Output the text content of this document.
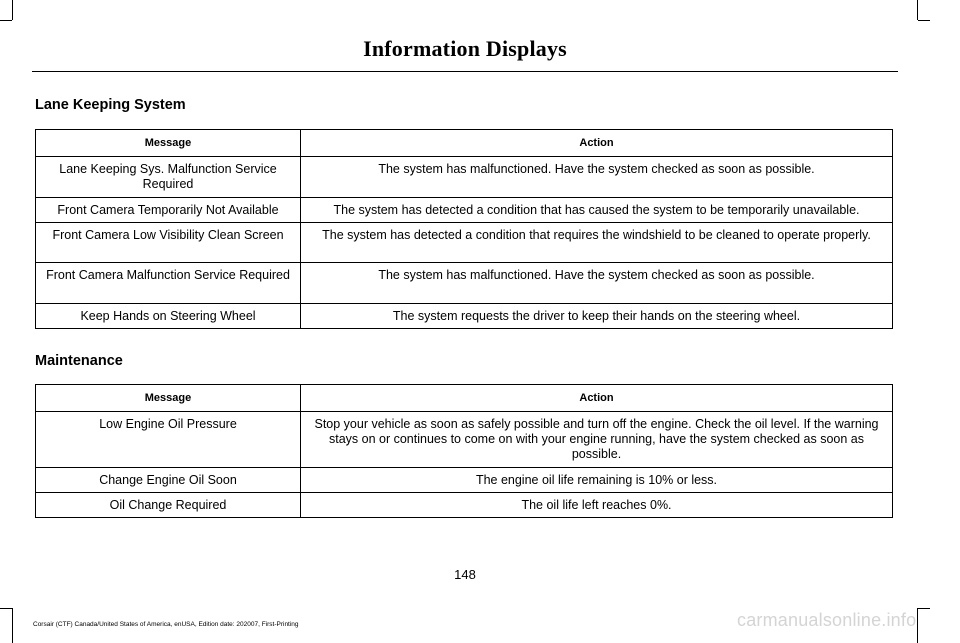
Information Displays
Lane Keeping System
Message	Action
Lane Keeping Sys. Malfunction Service Required	The system has malfunctioned. Have the system checked as soon as possible.
Front Camera Temporarily Not Available	The system has detected a condition that has caused the system to be temporarily unavailable.
Front Camera Low Visibility Clean Screen	The system has detected a condition that requires the windshield to be cleaned to operate properly.
Front Camera Malfunction Service Required	The system has malfunctioned. Have the system checked as soon as possible.
Keep Hands on Steering Wheel	The system requests the driver to keep their hands on the steering wheel.
Maintenance
Message	Action
Low Engine Oil Pressure	Stop your vehicle as soon as safely possible and turn off the engine. Check the oil level. If the warning stays on or continues to come on with your engine running, have the system checked as soon as possible.
Change Engine Oil Soon	The engine oil life remaining is 10% or less.
Oil Change Required	The oil life left reaches 0%.
148
Corsair (CTF) Canada/United States of America, enUSA, Edition date: 202007, First-Printing	carmanualsonline.info
